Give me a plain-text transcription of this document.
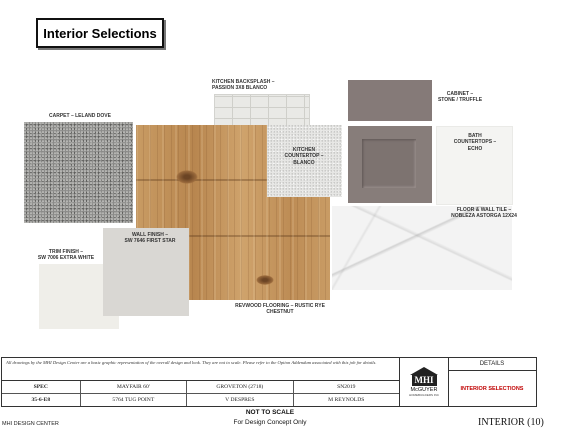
Interior Selections
CARPET – LELAND DOVE
KITCHEN BACKSPLASH –
PASSION 3X8 BLANCO
KITCHEN
COUNTERTOP –
BLANCO
CABINET –
STONE / TRUFFLE
BATH
COUNTERTOPS –
ECHO
FLOOR & WALL TILE –
NOBLEZA ASTORGA 12X24
TRIM FINISH –
SW 7006 EXTRA WHITE
WALL FINISH –
SW 7646 FIRST STAR
REVWOOD FLOORING – RUSTIC RYE CHESTNUT
All drawings by the MHI Design Center are a basic graphic representation of the overall design and look. They are not to scale. Please refer to the Option Addendum associated with this job for details.
SPEC	MAYFAIR 60'	GROVETON (2718)	SN2019
35-6-E8	5764 TUG POINT	V DESPRES	M REYNOLDS
MHI
McGUYER
HOMEBUILDERS INC
DETAILS
INTERIOR SELECTIONS
MHI DESIGN CENTER
NOT TO SCALE
For Design Concept Only	INTERIOR (10)
